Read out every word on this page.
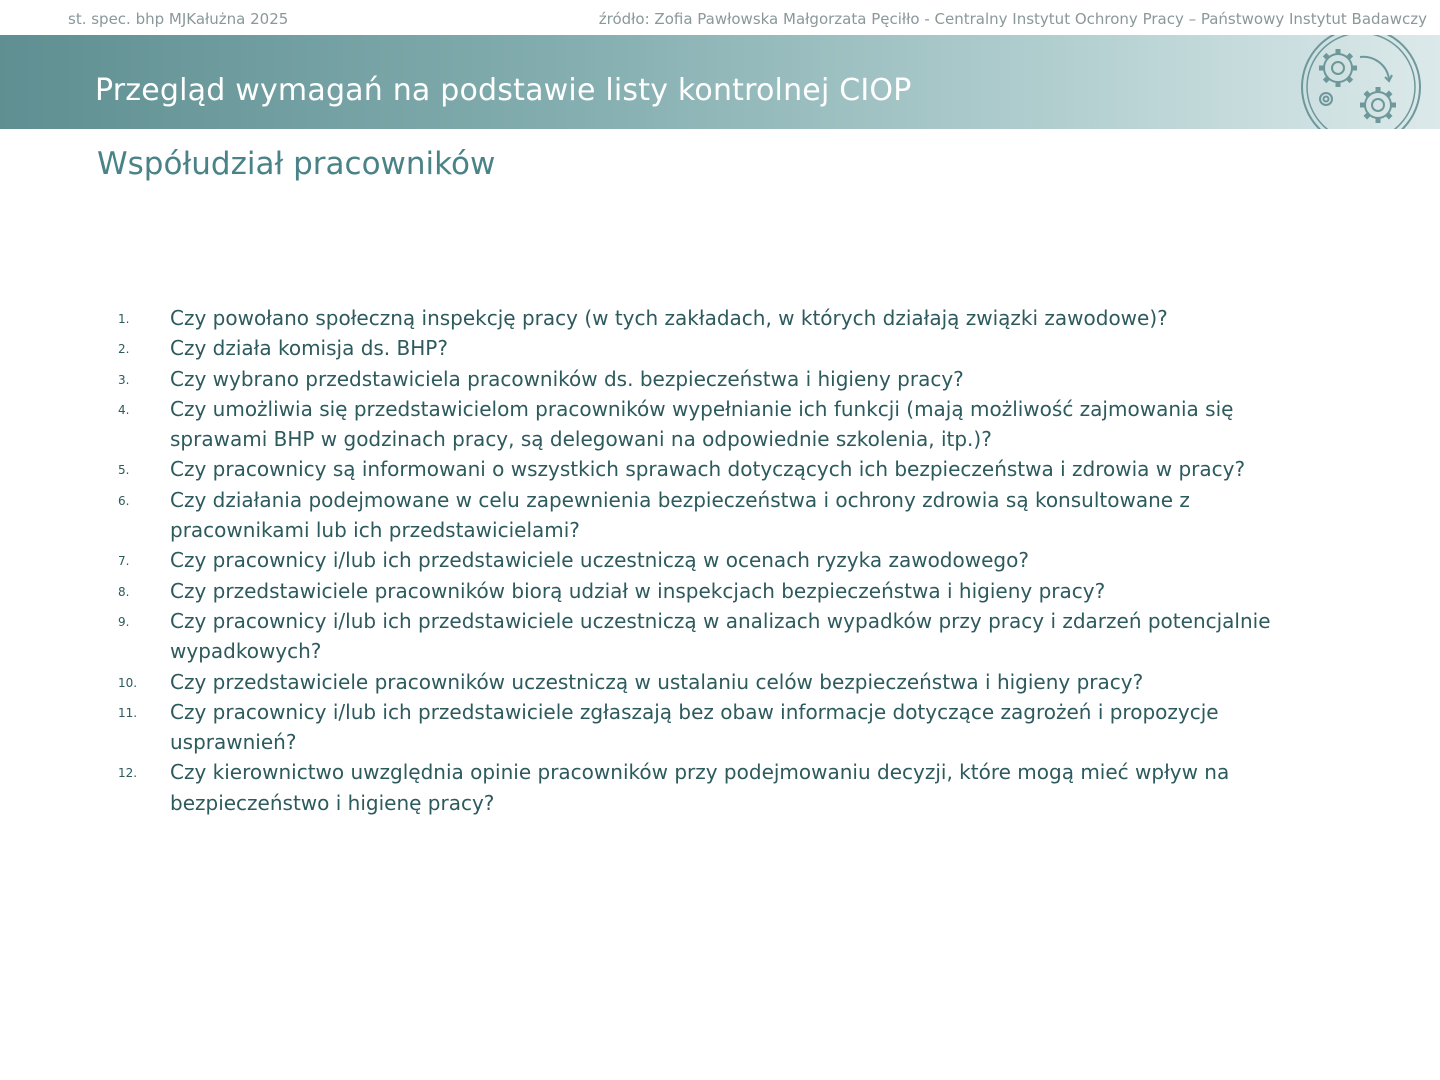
st. spec. bhp MJKałużna 2025	źródło: Zofia Pawłowska Małgorzata Pęciłło - Centralny Instytut Ochrony Pracy – Państwowy Instytut Badawczy
Przegląd wymagań na podstawie listy kontrolnej CIOP
Współudział pracowników
1. Czy powołano społeczną inspekcję pracy (w tych zakładach, w których działają związki zawodowe)?
2. Czy działa komisja ds. BHP?
3. Czy wybrano przedstawiciela pracowników ds. bezpieczeństwa i higieny pracy?
4. Czy umożliwia się przedstawicielom pracowników wypełnianie ich funkcji (mają możliwość zajmowania się sprawami BHP w godzinach pracy, są delegowani na odpowiednie szkolenia, itp.)?
5. Czy pracownicy są informowani o wszystkich sprawach dotyczących ich bezpieczeństwa i zdrowia w pracy?
6. Czy działania podejmowane w celu zapewnienia bezpieczeństwa i ochrony zdrowia są konsultowane z pracownikami lub ich przedstawicielami?
7. Czy pracownicy i/lub ich przedstawiciele uczestniczą w ocenach ryzyka zawodowego?
8. Czy przedstawiciele pracowników biorą udział w inspekcjach bezpieczeństwa i higieny pracy?
9. Czy pracownicy i/lub ich przedstawiciele uczestniczą w analizach wypadków przy pracy i zdarzeń potencjalnie wypadkowych?
10. Czy przedstawiciele pracowników uczestniczą w ustalaniu celów bezpieczeństwa i higieny pracy?
11. Czy pracownicy i/lub ich przedstawiciele zgłaszają bez obaw informacje dotyczące zagrożeń i propozycje usprawnień?
12. Czy kierownictwo uwzględnia opinie pracowników przy podejmowaniu decyzji, które mogą mieć wpływ na bezpieczeństwo i higienę pracy?
